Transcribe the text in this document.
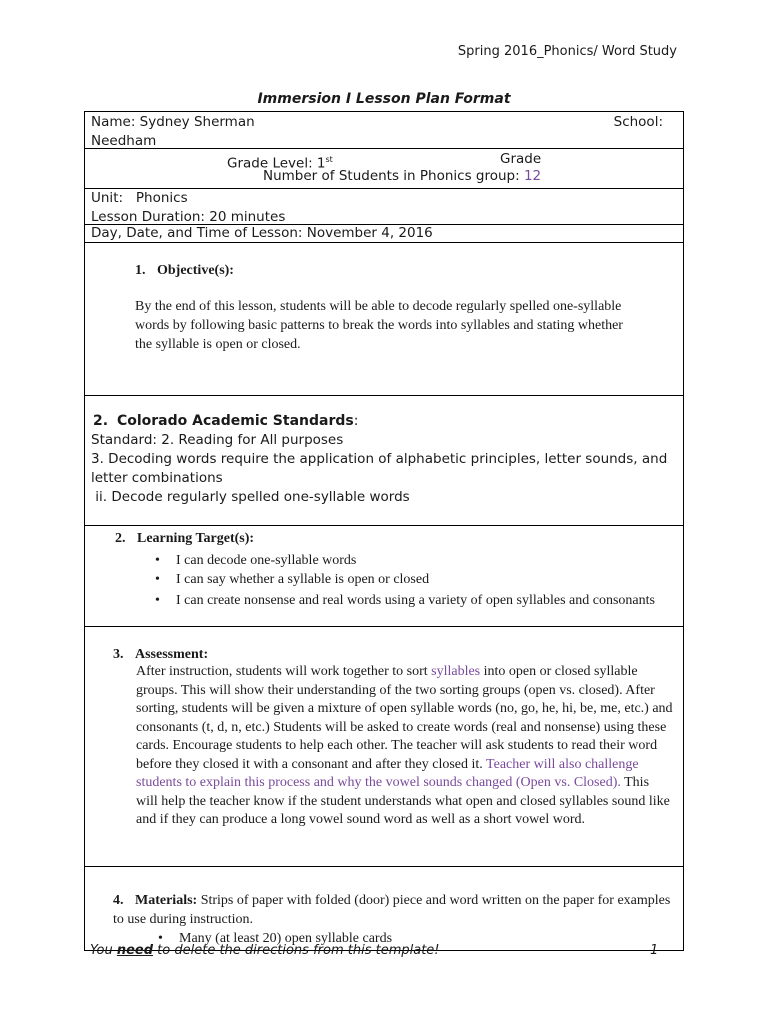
Spring 2016_Phonics/ Word Study
Immersion I Lesson Plan Format
Name: Sydney Sherman	School:
Needham
Grade Level: 1st	Grade
Number of Students in Phonics group: 12
Unit:   Phonics
Lesson Duration: 20 minutes
Day, Date, and Time of Lesson: November 4, 2016
1. Objective(s):
By the end of this lesson, students will be able to decode regularly spelled one-syllable words by following basic patterns to break the words into syllables and stating whether the syllable is open or closed.
2. Colorado Academic Standards:
Standard: 2. Reading for All purposes
3. Decoding words require the application of alphabetic principles, letter sounds, and letter combinations
ii. Decode regularly spelled one-syllable words
2. Learning Target(s):
• I can decode one-syllable words
• I can say whether a syllable is open or closed
• I can create nonsense and real words using a variety of open syllables and consonants
3. Assessment:
After instruction, students will work together to sort syllables into open or closed syllable groups. This will show their understanding of the two sorting groups (open vs. closed). After sorting, students will be given a mixture of open syllable words (no, go, he, hi, be, me, etc.) and consonants (t, d, n, etc.) Students will be asked to create words (real and nonsense) using these cards. Encourage students to help each other. The teacher will ask students to read their word before they closed it with a consonant and after they closed it. Teacher will also challenge students to explain this process and why the vowel sounds changed (Open vs. Closed). This will help the teacher know if the student understands what open and closed syllables sound like and if they can produce a long vowel sound word as well as a short vowel word.
4. Materials: Strips of paper with folded (door) piece and word written on the paper for examples to use during instruction.
• Many (at least 20) open syllable cards
You need to delete the directions from this template!	1
